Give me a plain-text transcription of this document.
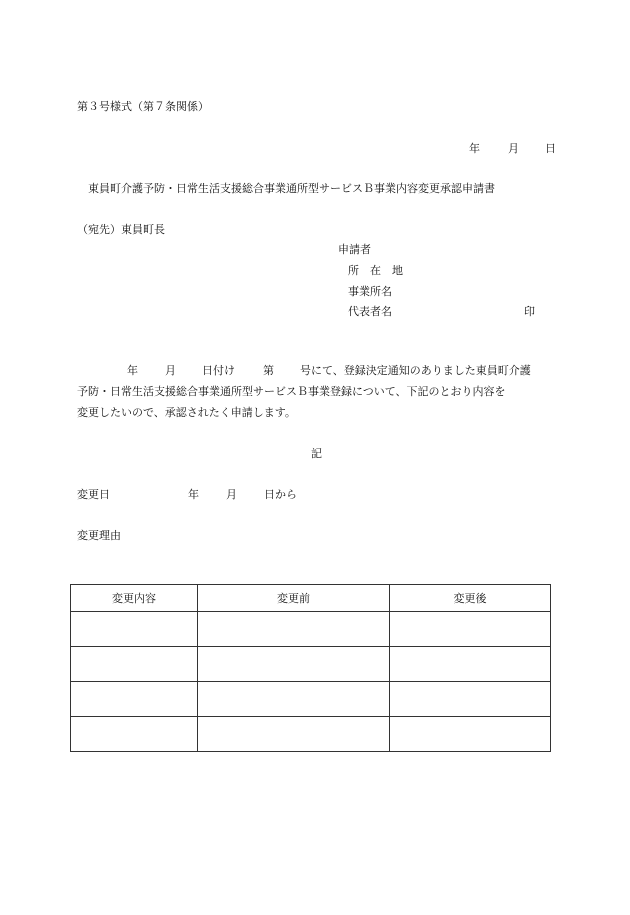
第３号様式（第７条関係）
年	月 日
東員町介護予防・日常生活支援総合事業通所型サービスＢ事業内容変更承認申請書
（宛先）東員町長
申請者
所　在　地
事業所名
代表者名	印
年 月 日付け	第 号にて、登録決定通知のありました東員町介護
予防・日常生活支援総合事業通所型サービスＢ事業登録について、下記のとおり内容を
変更したいので、承認されたく申請します。
記
変更日	年 月 日から
変更理由
変更内容	変更前	変更後
